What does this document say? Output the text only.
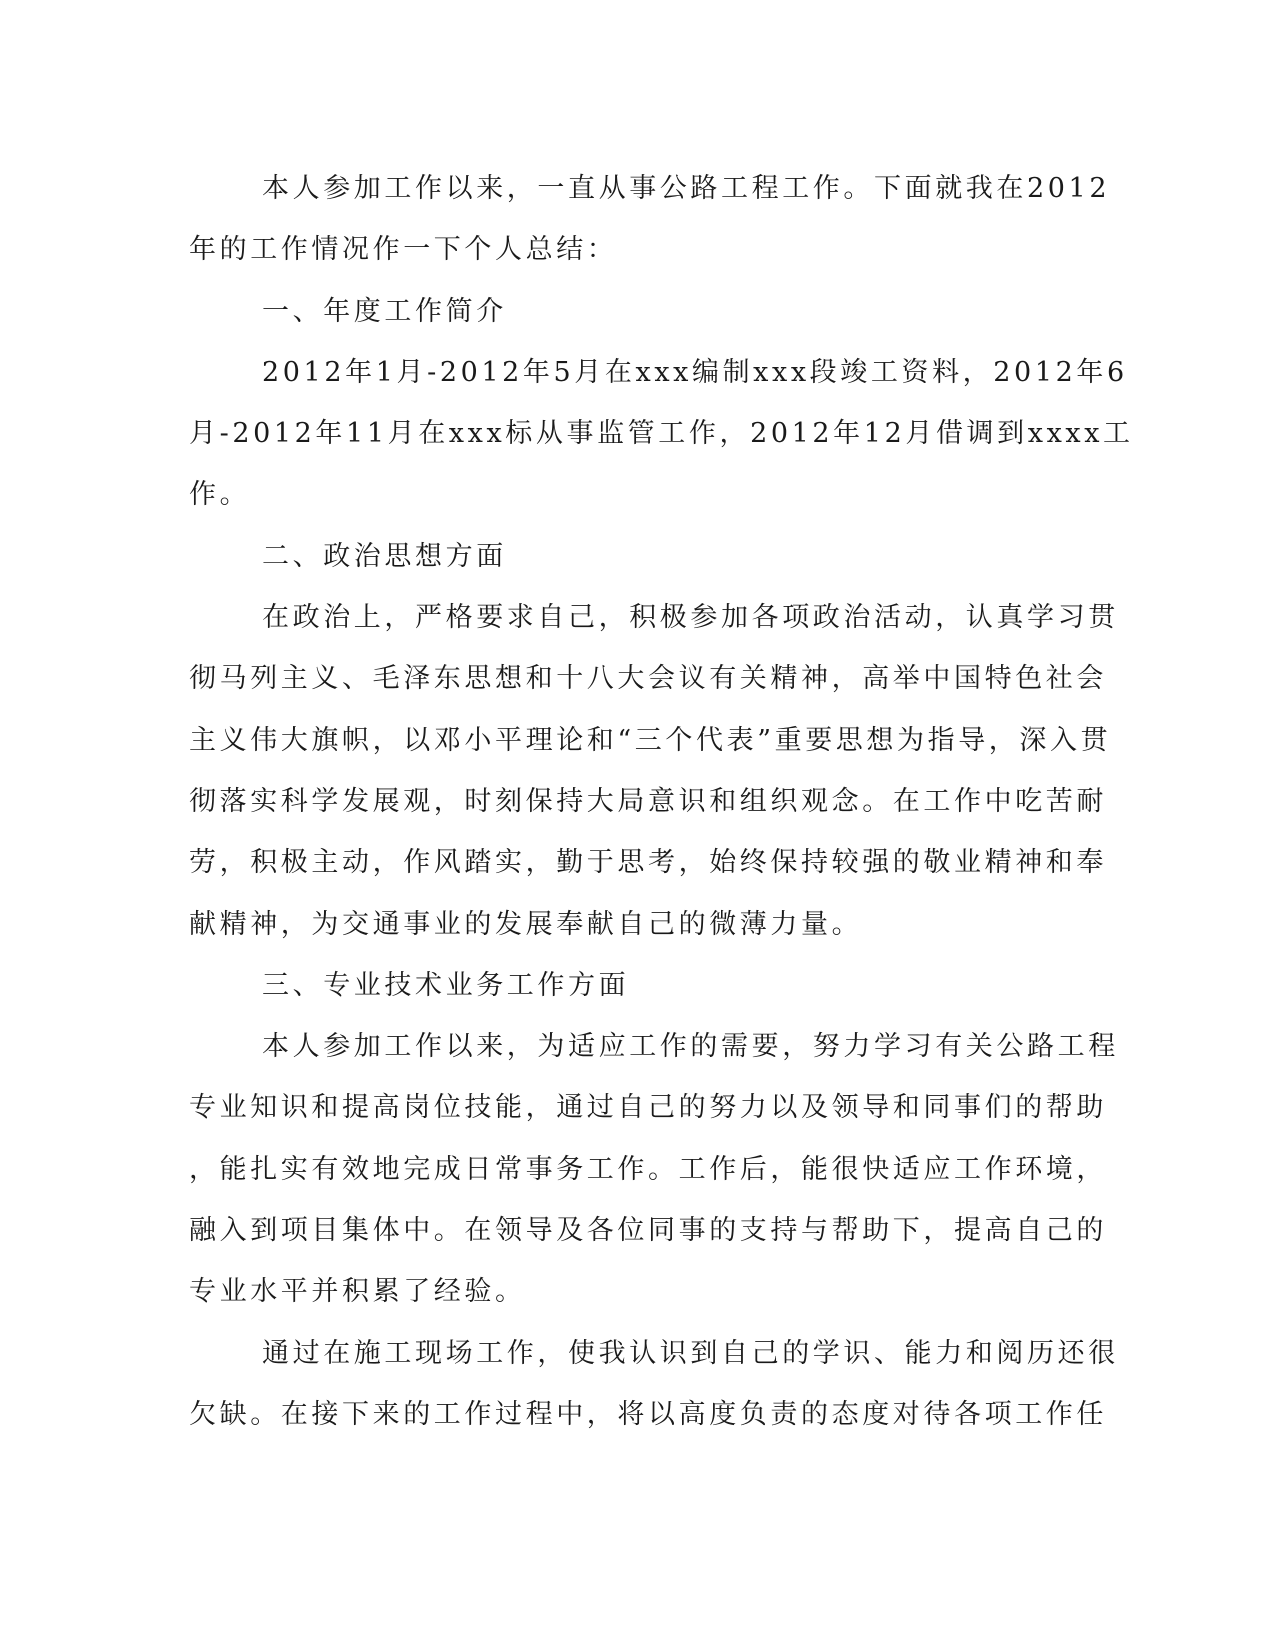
本人参加工作以来，一直从事公路工程工作。下面就我在2012
年的工作情况作一下个人总结：
一、年度工作简介
2012年1月-2012年5月在xxx编制xxx段竣工资料，2012年6
月-2012年11月在xxx标从事监管工作，2012年12月借调到xxxx工
作。
二、政治思想方面
在政治上，严格要求自己，积极参加各项政治活动，认真学习贯
彻马列主义、毛泽东思想和十八大会议有关精神，高举中国特色社会
主义伟大旗帜，以邓小平理论和“三个代表”重要思想为指导，深入贯
彻落实科学发展观，时刻保持大局意识和组织观念。在工作中吃苦耐
劳，积极主动，作风踏实，勤于思考，始终保持较强的敬业精神和奉
献精神，为交通事业的发展奉献自己的微薄力量。
三、专业技术业务工作方面
本人参加工作以来，为适应工作的需要，努力学习有关公路工程
专业知识和提高岗位技能，通过自己的努力以及领导和同事们的帮助
，能扎实有效地完成日常事务工作。工作后，能很快适应工作环境，
融入到项目集体中。在领导及各位同事的支持与帮助下，提高自己的
专业水平并积累了经验。
通过在施工现场工作，使我认识到自己的学识、能力和阅历还很
欠缺。在接下来的工作过程中，将以高度负责的态度对待各项工作任
